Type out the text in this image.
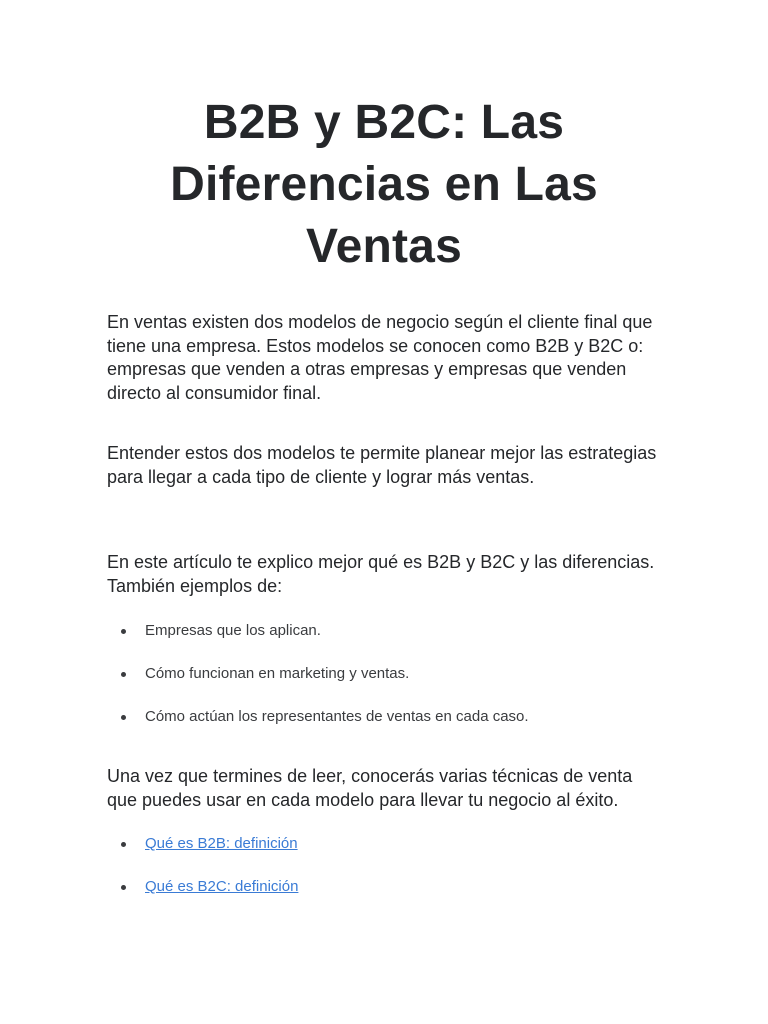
B2B y B2C: Las Diferencias en Las Ventas

En ventas existen dos modelos de negocio según el cliente final que tiene una empresa. Estos modelos se conocen como B2B y B2C o: empresas que venden a otras empresas y empresas que venden directo al consumidor final.

Entender estos dos modelos te permite planear mejor las estrategias para llegar a cada tipo de cliente y lograr más ventas.

En este artículo te explico mejor qué es B2B y B2C y las diferencias. También ejemplos de:

Empresas que los aplican.
Cómo funcionan en marketing y ventas.
Cómo actúan los representantes de ventas en cada caso.

Una vez que termines de leer, conocerás varias técnicas de venta que puedes usar en cada modelo para llevar tu negocio al éxito.

Qué es B2B: definición
Qué es B2C: definición
